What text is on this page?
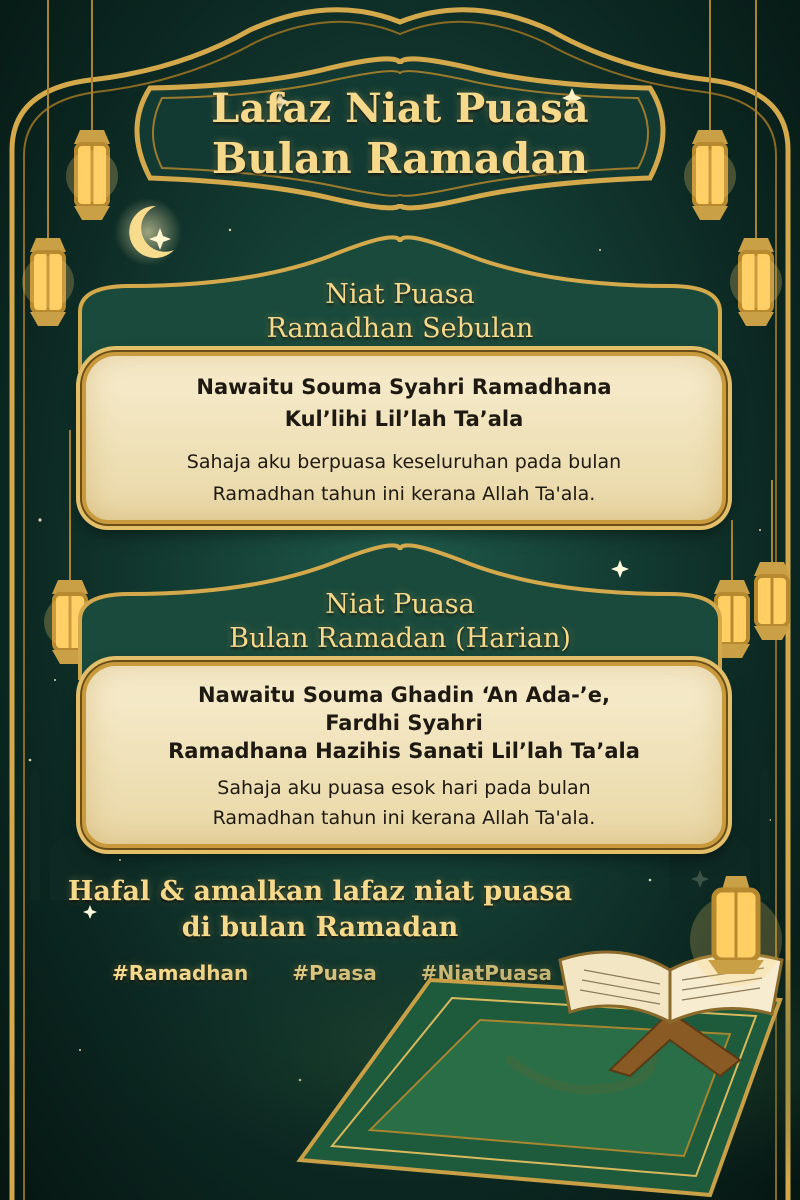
Lafaz Niat Puasa
Bulan Ramadan
Niat Puasa
Ramadhan Sebulan
Nawaitu Souma Syahri Ramadhana
Kul’lihi Lil’lah Ta’ala
Sahaja aku berpuasa keseluruhan pada bulan
Ramadhan tahun ini kerana Allah Ta'ala.
Niat Puasa
Bulan Ramadan (Harian)
Nawaitu Souma Ghadin ‘An Ada-’e,
Fardhi Syahri
Ramadhana Hazihis Sanati Lil’lah Ta’ala
Sahaja aku puasa esok hari pada bulan
Ramadhan tahun ini kerana Allah Ta'ala.
Hafal & amalkan lafaz niat puasa
di bulan Ramadan
